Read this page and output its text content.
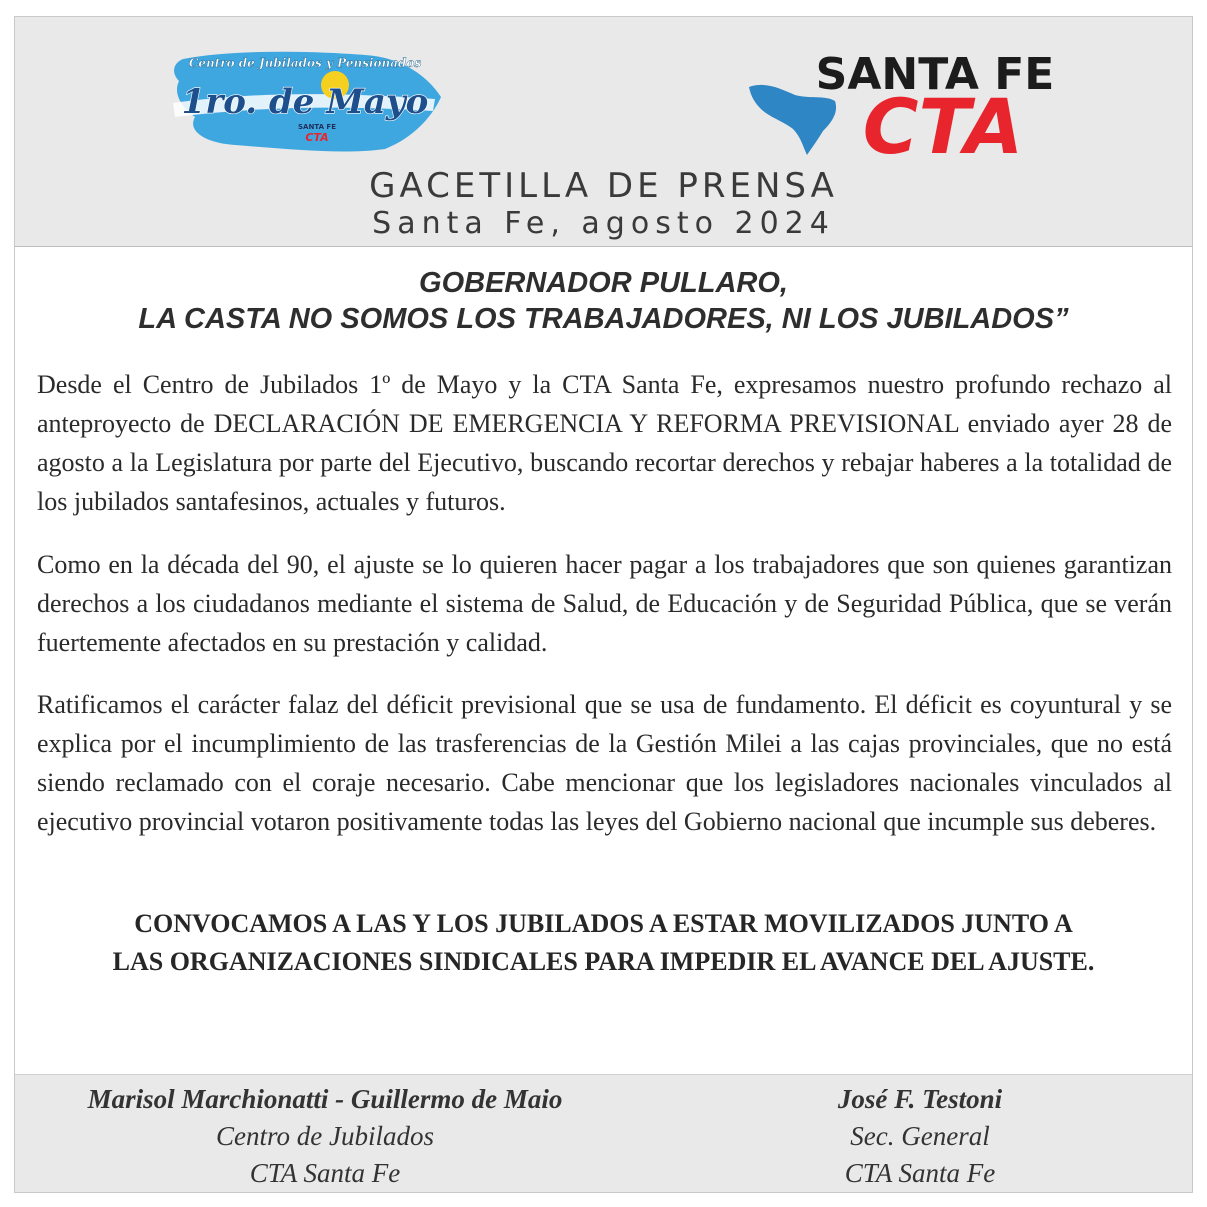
Centro de Jubilados y Pensionados
1ro. de Mayo
SANTA FE
CTA
SANTA FE
CTA
GACETILLA DE PRENSA
Santa Fe, agosto 2024
GOBERNADOR PULLARO,
LA CASTA NO SOMOS LOS TRABAJADORES, NI LOS JUBILADOS”
Desde el Centro de Jubilados 1º de Mayo y la CTA Santa Fe, expresamos nuestro profundo rechazo al anteproyecto de DECLARACIÓN DE EMERGENCIA Y REFORMA PREVISIONAL enviado ayer 28 de agosto a la Legislatura por parte del Ejecutivo, buscando recortar derechos y rebajar haberes a la totalidad de los jubilados santafesinos, actuales y futuros.
Como en la década del 90, el ajuste se lo quieren hacer pagar a los trabajadores que son quienes garantizan derechos a los ciudadanos mediante el sistema de Salud, de Educación y de Seguridad Pública, que se verán fuertemente afectados en su prestación y calidad.
Ratificamos el carácter falaz del déficit previsional que se usa de fundamento. El déficit es coyuntural y se explica por el incumplimiento de las trasferencias de la Gestión Milei a las cajas provinciales, que no está siendo reclamado con el coraje necesario. Cabe mencionar que los legisladores nacionales vinculados al ejecutivo provincial votaron positivamente todas las leyes del Gobierno nacional que incumple sus deberes.
CONVOCAMOS A LAS Y LOS JUBILADOS A ESTAR MOVILIZADOS JUNTO A
LAS ORGANIZACIONES SINDICALES PARA IMPEDIR EL AVANCE DEL AJUSTE.
Marisol Marchionatti - Guillermo de Maio
Centro de Jubilados
CTA Santa Fe
José F. Testoni
Sec. General
CTA Santa Fe
